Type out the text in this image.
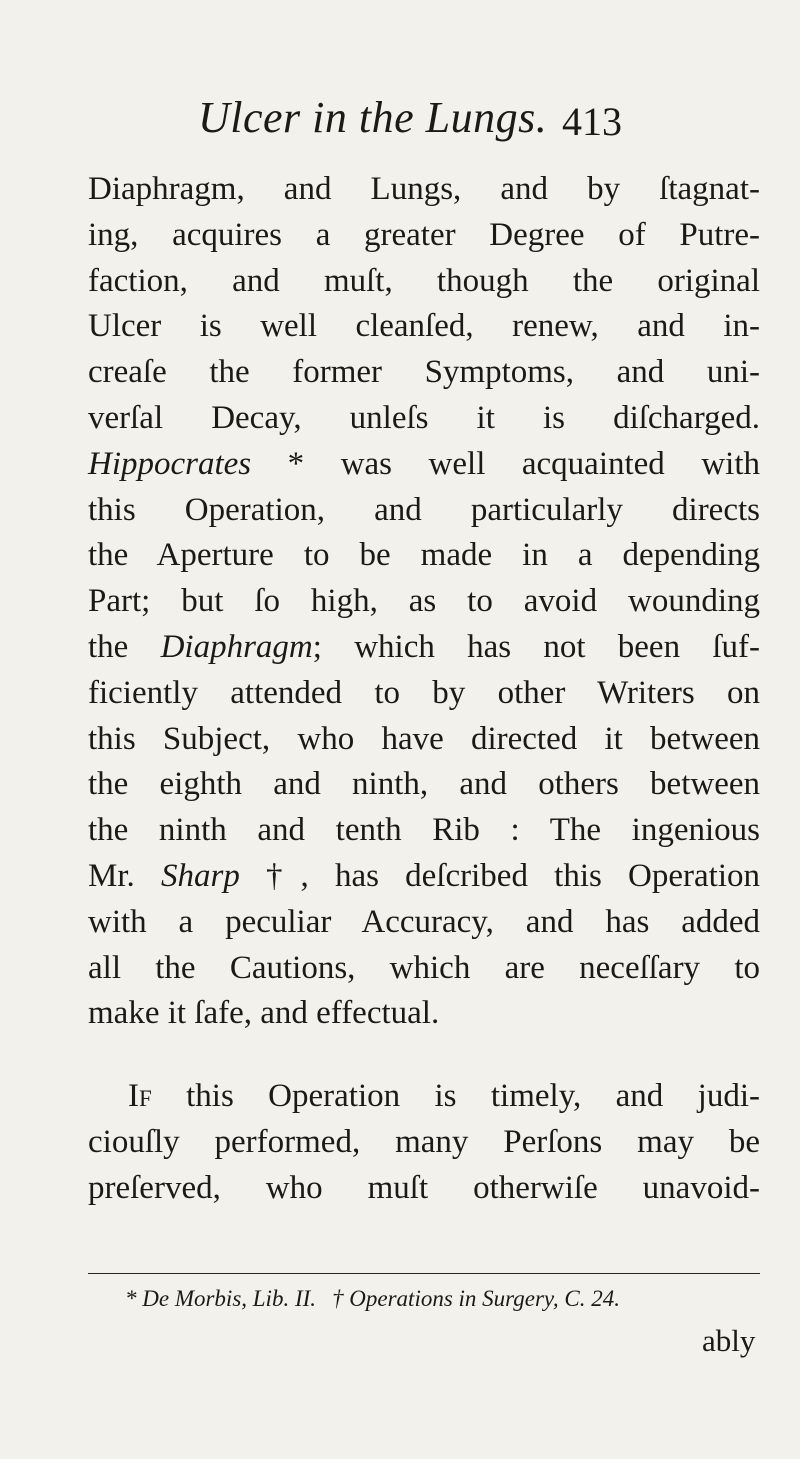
Ulcer in the Lungs. 413
Diaphragm, and Lungs, and by ſtagnat-
ing, acquires a greater Degree of Putre-
faction, and muſt, though the original
Ulcer is well cleanſed, renew, and in-
creaſe the former Symptoms, and uni-
verſal Decay, unleſs it is diſcharged.
Hippocrates * was well acquainted with
this Operation, and particularly directs
the Aperture to be made in a depending
Part; but ſo high, as to avoid wounding
the Diaphragm; which has not been ſuf-
ficiently attended to by other Writers on
this Subject, who have directed it between
the eighth and ninth, and others between
the ninth and tenth Rib : The ingenious
Mr. Sharp †, has deſcribed this Operation
with a peculiar Accuracy, and has added
all the Cautions, which are neceſſary to
make it ſafe, and effectual.
If this Operation is timely, and judi-
ciouſly performed, many Perſons may be
preſerved, who muſt otherwiſe unavoid-
* De Morbis, Lib. II. † Operations in Surgery, C. 24.
ably
